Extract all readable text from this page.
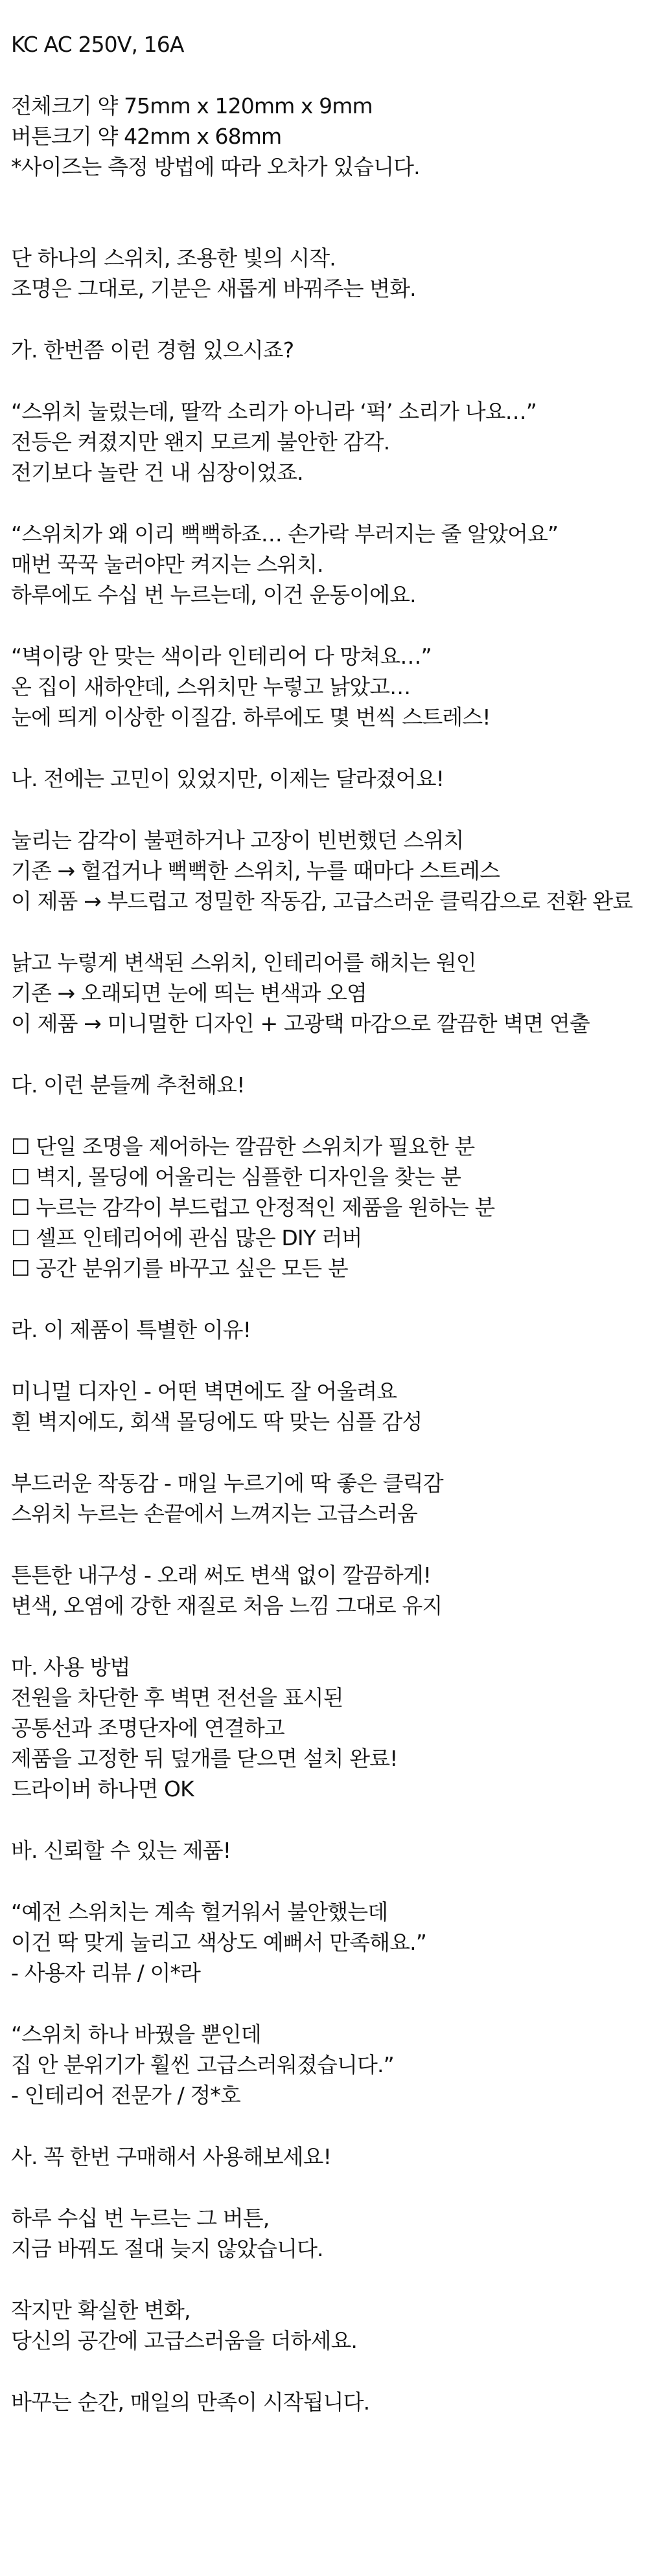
KC AC 250V, 16A
전체크기 약 75mm x 120mm x 9mm
버튼크기 약 42mm x 68mm
*사이즈는 측정 방법에 따라 오차가 있습니다.
단 하나의 스위치, 조용한 빛의 시작.
조명은 그대로, 기분은 새롭게 바꿔주는 변화.
가. 한번쯤 이런 경험 있으시죠?
“스위치 눌렀는데, 딸깍 소리가 아니라 ‘퍽’ 소리가 나요…”
전등은 켜졌지만 왠지 모르게 불안한 감각.
전기보다 놀란 건 내 심장이었죠.
“스위치가 왜 이리 뻑뻑하죠… 손가락 부러지는 줄 알았어요”
매번 꾹꾹 눌러야만 켜지는 스위치.
하루에도 수십 번 누르는데, 이건 운동이에요.
“벽이랑 안 맞는 색이라 인테리어 다 망쳐요…”
온 집이 새하얀데, 스위치만 누렇고 낡았고…
눈에 띄게 이상한 이질감. 하루에도 몇 번씩 스트레스!
나. 전에는 고민이 있었지만, 이제는 달라졌어요!
눌리는 감각이 불편하거나 고장이 빈번했던 스위치
기존 → 헐겁거나 뻑뻑한 스위치, 누를 때마다 스트레스
이 제품 → 부드럽고 정밀한 작동감, 고급스러운 클릭감으로 전환 완료
낡고 누렇게 변색된 스위치, 인테리어를 해치는 원인
기존 → 오래되면 눈에 띄는 변색과 오염
이 제품 → 미니멀한 디자인 + 고광택 마감으로 깔끔한 벽면 연출
다. 이런 분들께 추천해요!
☐ 단일 조명을 제어하는 깔끔한 스위치가 필요한 분
☐ 벽지, 몰딩에 어울리는 심플한 디자인을 찾는 분
☐ 누르는 감각이 부드럽고 안정적인 제품을 원하는 분
☐ 셀프 인테리어에 관심 많은 DIY 러버
☐ 공간 분위기를 바꾸고 싶은 모든 분
라. 이 제품이 특별한 이유!
미니멀 디자인 - 어떤 벽면에도 잘 어울려요
흰 벽지에도, 회색 몰딩에도 딱 맞는 심플 감성
부드러운 작동감 - 매일 누르기에 딱 좋은 클릭감
스위치 누르는 손끝에서 느껴지는 고급스러움
튼튼한 내구성 - 오래 써도 변색 없이 깔끔하게!
변색, 오염에 강한 재질로 처음 느낌 그대로 유지
마. 사용 방법
전원을 차단한 후 벽면 전선을 표시된
공통선과 조명단자에 연결하고
제품을 고정한 뒤 덮개를 닫으면 설치 완료!
드라이버 하나면 OK
바. 신뢰할 수 있는 제품!
“예전 스위치는 계속 헐거워서 불안했는데
이건 딱 맞게 눌리고 색상도 예뻐서 만족해요.”
- 사용자 리뷰 / 이*라
“스위치 하나 바꿨을 뿐인데
집 안 분위기가 훨씬 고급스러워졌습니다.”
- 인테리어 전문가 / 정*호
사. 꼭 한번 구매해서 사용해보세요!
하루 수십 번 누르는 그 버튼,
지금 바꿔도 절대 늦지 않았습니다.
작지만 확실한 변화,
당신의 공간에 고급스러움을 더하세요.
바꾸는 순간, 매일의 만족이 시작됩니다.
